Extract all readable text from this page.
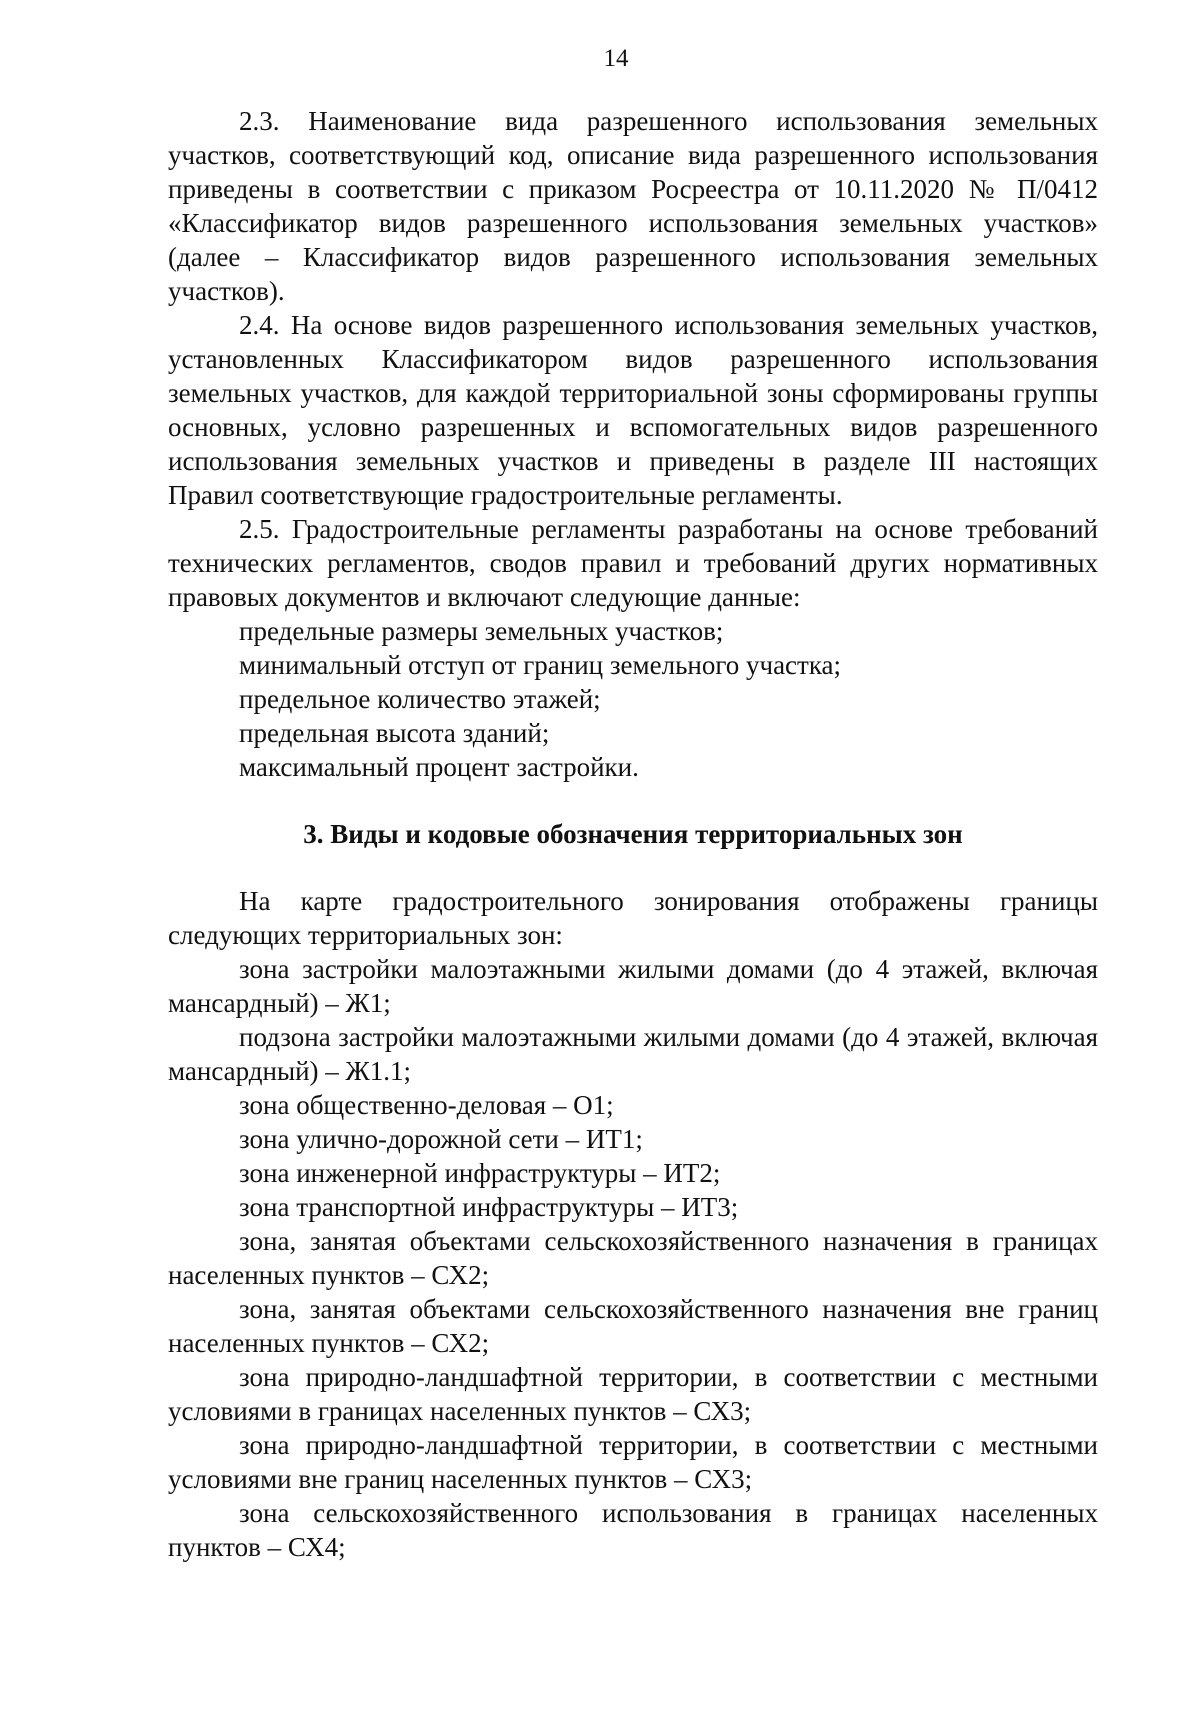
14

2.3. Наименование вида разрешенного использования земельных участков, соответствующий код, описание вида разрешенного использования приведены в соответствии с приказом Росреестра от 10.11.2020 № П/0412 «Классификатор видов разрешенного использования земельных участков» (далее – Классификатор видов разрешенного использования земельных участков).

2.4. На основе видов разрешенного использования земельных участков, установленных Классификатором видов разрешенного использования земельных участков, для каждой территориальной зоны сформированы группы основных, условно разрешенных и вспомогательных видов разрешенного использования земельных участков и приведены в разделе III настоящих Правил соответствующие градостроительные регламенты.

2.5. Градостроительные регламенты разработаны на основе требований технических регламентов, сводов правил и требований других нормативных правовых документов и включают следующие данные:

предельные размеры земельных участков;

минимальный отступ от границ земельного участка;

предельное количество этажей;

предельная высота зданий;

максимальный процент застройки.

3. Виды и кодовые обозначения территориальных зон

На карте градостроительного зонирования отображены границы следующих территориальных зон:

зона застройки малоэтажными жилыми домами (до 4 этажей, включая мансардный) – Ж1;

подзона застройки малоэтажными жилыми домами (до 4 этажей, включая мансардный) – Ж1.1;

зона общественно-деловая – О1;

зона улично-дорожной сети – ИТ1;

зона инженерной инфраструктуры – ИТ2;

зона транспортной инфраструктуры – ИТ3;

зона, занятая объектами сельскохозяйственного назначения в границах населенных пунктов – СХ2;

зона, занятая объектами сельскохозяйственного назначения вне границ населенных пунктов – СХ2;

зона природно-ландшафтной территории, в соответствии с местными условиями в границах населенных пунктов – СХ3;

зона природно-ландшафтной территории, в соответствии с местными условиями вне границ населенных пунктов – СХ3;

зона сельскохозяйственного использования в границах населенных пунктов – СХ4;
